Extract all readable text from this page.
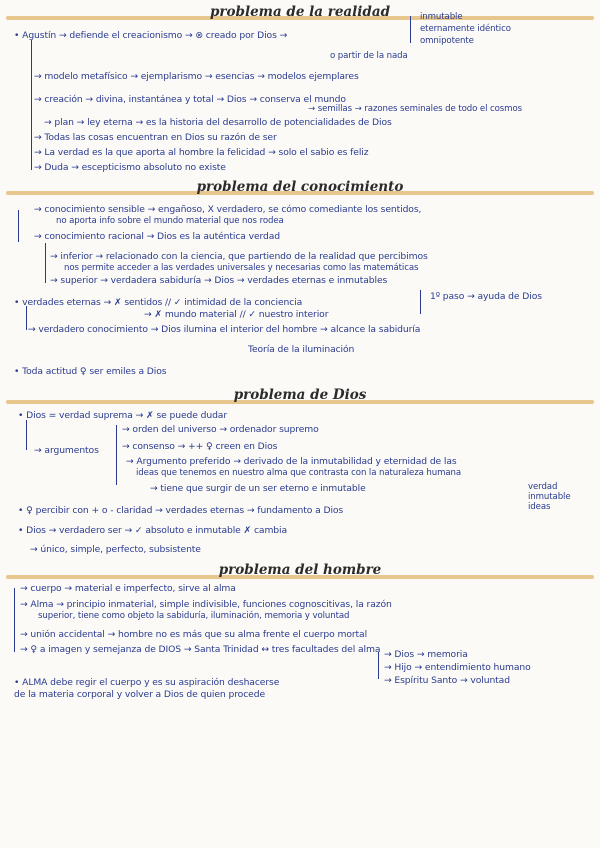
problema de la realidad
• Agustín → defiende el creacionismo → ⊗ creado por Dios →
o partir de la nada
inmutable
eternamente idéntico
omnipotente
→ modelo metafísico → ejemplarismo → esencias → modelos ejemplares
→ creación → divina, instantánea y total → Dios → conserva el mundo
→ semillas → razones seminales de todo el cosmos
→ plan → ley eterna → es la historia del desarrollo de potencialidades de Dios
→ Todas las cosas encuentran en Dios su razón de ser
→ La verdad es la que aporta al hombre la felicidad → solo el sabio es feliz
→ Duda → escepticismo absoluto no existe
problema del conocimiento
→ conocimiento sensible → engañoso, X verdadero, se cómo comediante los sentidos,
no aporta info sobre el mundo material que nos rodea
→ conocimiento racional → Dios es la auténtica verdad
→ inferior → relacionado con la ciencia, que partiendo de la realidad que percibimos
nos permite acceder a las verdades universales y necesarias como las matemáticas
→ superior → verdadera sabiduría → Dios → verdades eternas e inmutables
• verdades eternas → ✗ sentidos // ✓ intimidad de la conciencia
→ ✗ mundo material // ✓ nuestro interior
1º paso → ayuda de Dios
→ verdadero conocimiento → Dios ilumina el interior del hombre → alcance la sabiduría
Teoría de la iluminación
• Toda actitud ♀ ser emiles a Dios
problema de Dios
• Dios = verdad suprema → ✗ se puede dudar
→ orden del universo → ordenador supremo
→ consenso → ++ ♀ creen en Dios
→ argumentos
→ Argumento preferido → derivado de la inmutabilidad y eternidad de las
ideas que tenemos en nuestro alma que contrasta con la naturaleza humana
→ tiene que surgir de un ser eterno e inmutable	verdad
inmutable
ideas
• ♀ percibir con + o - claridad → verdades eternas → fundamento a Dios
• Dios → verdadero ser → ✓ absoluto e inmutable ✗ cambia
→ único, simple, perfecto, subsistente
problema del hombre
→ cuerpo → material e imperfecto, sirve al alma
→ Alma → principio inmaterial, simple indivisible, funciones cognoscitivas, la razón
superior, tiene como objeto la sabiduría, iluminación, memoria y voluntad
→ unión accidental → hombre no es más que su alma frente el cuerpo mortal
→ ♀ a imagen y semejanza de DIOS → Santa Trinidad ↔ tres facultades del alma → Dios → memoria
→ Hijo → entendimiento humano
→ Espíritu Santo → voluntad
• ALMA debe regir el cuerpo y es su aspiración deshacerse
de la materia corporal y volver a Dios de quien procede
